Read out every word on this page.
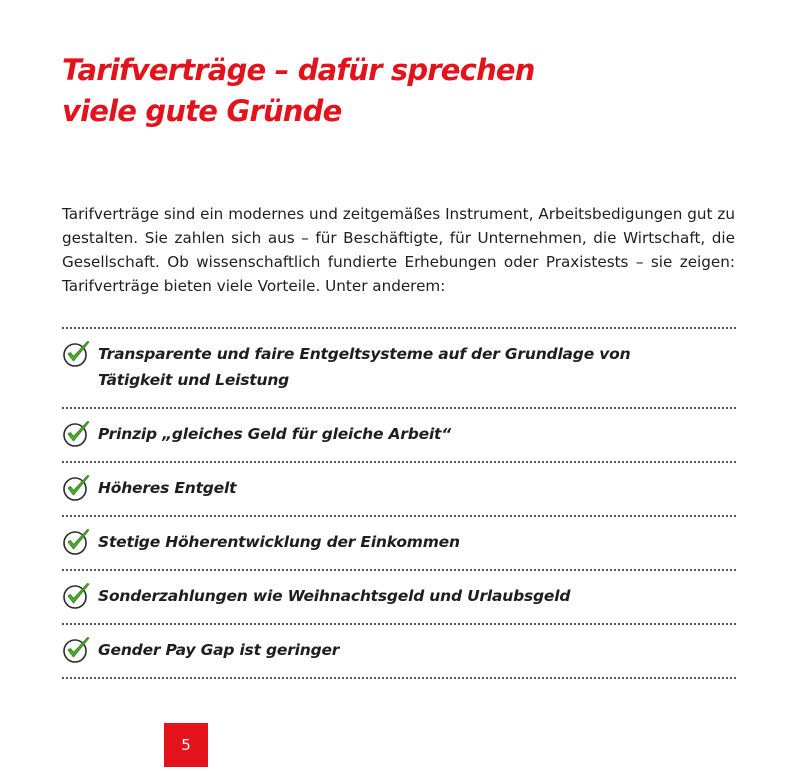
Tarifverträge – dafür sprechen
viele gute Gründe

Tarifverträge sind ein modernes und zeitgemäßes Instrument, Arbeitsbedigungen gut zu gestalten. Sie zahlen sich aus – für Beschäftigte, für Unternehmen, die Wirtschaft, die Gesellschaft. Ob wissenschaftlich fundierte Erhebungen oder Praxistests – sie zeigen: Tarifverträge bieten viele Vorteile. Unter anderem:

Transparente und faire Entgeltsysteme auf der Grundlage von Tätigkeit und Leistung
Prinzip „gleiches Geld für gleiche Arbeit“
Höheres Entgelt
Stetige Höherentwicklung der Einkommen
Sonderzahlungen wie Weihnachtsgeld und Urlaubsgeld
Gender Pay Gap ist geringer
5
